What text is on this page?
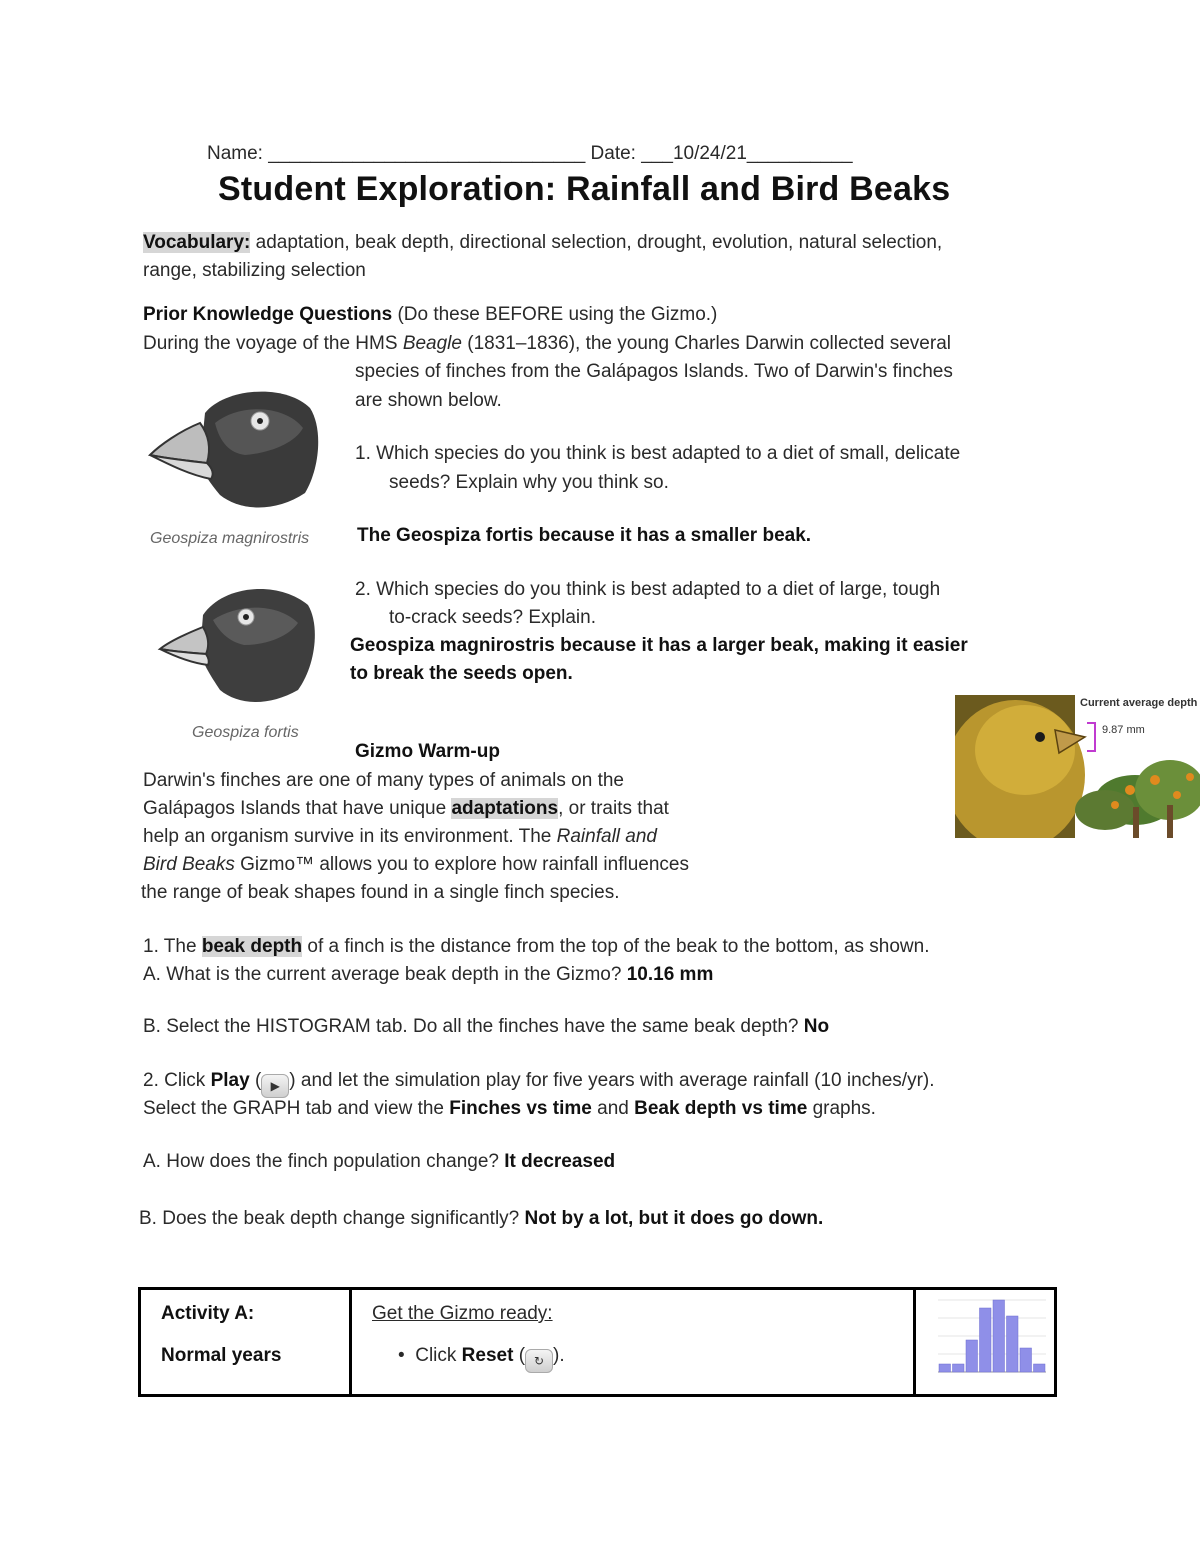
Name: ______________________________ Date: ___10/24/21__________
Student Exploration: Rainfall and Bird Beaks
Vocabulary: adaptation, beak depth, directional selection, drought, evolution, natural selection,
range, stabilizing selection
Prior Knowledge Questions (Do these BEFORE using the Gizmo.)
During the voyage of the HMS Beagle (1831–1836), the young Charles Darwin collected several
species of finches from the Galápagos Islands. Two of Darwin's finches
are shown below.
1. Which species do you think is best adapted to a diet of small, delicate
seeds? Explain why you think so.
The Geospiza fortis because it has a smaller beak.
2. Which species do you think is best adapted to a diet of large, tough
to-crack seeds? Explain.
Geospiza magnirostris because it has a larger beak, making it easier
to break the seeds open.
Geospiza magnirostris
Geospiza fortis
Current average depth
9.87 mm
Gizmo Warm-up
Darwin's finches are one of many types of animals on the
Galápagos Islands that have unique adaptations, or traits that
help an organism survive in its environment. The Rainfall and
Bird Beaks Gizmo™ allows you to explore how rainfall influences
the range of beak shapes found in a single finch species.
1. The beak depth of a finch is the distance from the top of the beak to the bottom, as shown.
A. What is the current average beak depth in the Gizmo? 10.16 mm
B. Select the HISTOGRAM tab. Do all the finches have the same beak depth? No
2. Click Play ( ▶ ) and let the simulation play for five years with average rainfall (10 inches/yr).
Select the GRAPH tab and view the Finches vs time and Beak depth vs time graphs.
A. How does the finch population change? It decreased
B. Does the beak depth change significantly? Not by a lot, but it does go down.
Activity A:
Normal years

Get the Gizmo ready:
•  Click Reset ( ↻ ).
